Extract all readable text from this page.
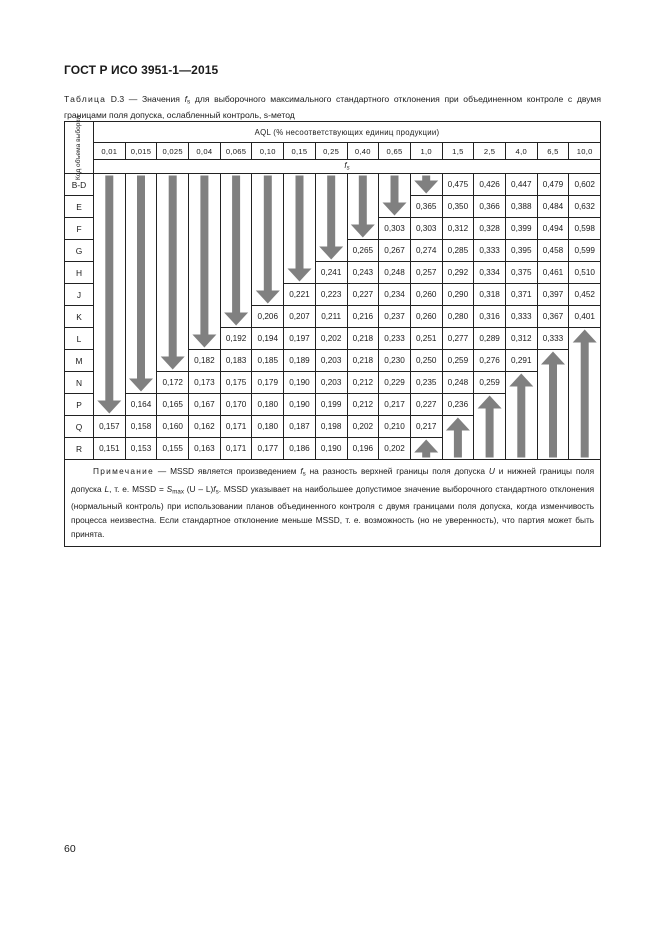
ГОСТ Р ИСО 3951-1—2015
Таблица D.3 — Значения $f_s$ для выборочного максимального стандартного отклонения при объединенном контроле с двумя границами поля допуска, ослабленный контроль, s-метод
Код объема выборки	AQL (% несоответствующих единиц продукции)															
	0,01	0,015	0,025	0,04	0,065	0,10	0,15	0,25	0,40	0,65	1,0	1,5	2,5	4,0	6,5	10,0
	$f_s$
B-D												0,475	0,426	0,447	0,479	0,602
E											0,365	0,350	0,366	0,388	0,484	0,632
F										0,303	0,303	0,312	0,328	0,399	0,494	0,598
G									0,265	0,267	0,274	0,285	0,333	0,395	0,458	0,599
H								0,241	0,243	0,248	0,257	0,292	0,334	0,375	0,461	0,510
J							0,221	0,223	0,227	0,234	0,260	0,290	0,318	0,371	0,397	0,452
K						0,206	0,207	0,211	0,216	0,237	0,260	0,280	0,316	0,333	0,367	0,401
L					0,192	0,194	0,197	0,202	0,218	0,233	0,251	0,277	0,289	0,312	0,333	
M				0,182	0,183	0,185	0,189	0,203	0,218	0,230	0,250	0,259	0,276	0,291		
N			0,172	0,173	0,175	0,179	0,190	0,203	0,212	0,229	0,235	0,248	0,259			
P		0,164	0,165	0,167	0,170	0,180	0,190	0,199	0,212	0,217	0,227	0,236				
Q	0,157	0,158	0,160	0,162	0,171	0,180	0,187	0,198	0,202	0,210	0,217					
R	0,151	0,153	0,155	0,163	0,171	0,177	0,186	0,190	0,196	0,202						
Примечание — MSSD является произведением $f_s$ на разность верхней границы поля допуска U и нижней границы поля допуска L, т. е. MSSD = $S_{max}$ $(U - L)f_s$. MSSD указывает на наибольшее допустимое значение выборочного стандартного отклонения (нормальный контроль) при использовании планов объединенного контроля с двумя границами поля допуска, когда изменчивость процесса неизвестна. Если стандартное отклонение меньше MSSD, т. е. возможность (но не уверенность), что партия может быть принята.																
60
